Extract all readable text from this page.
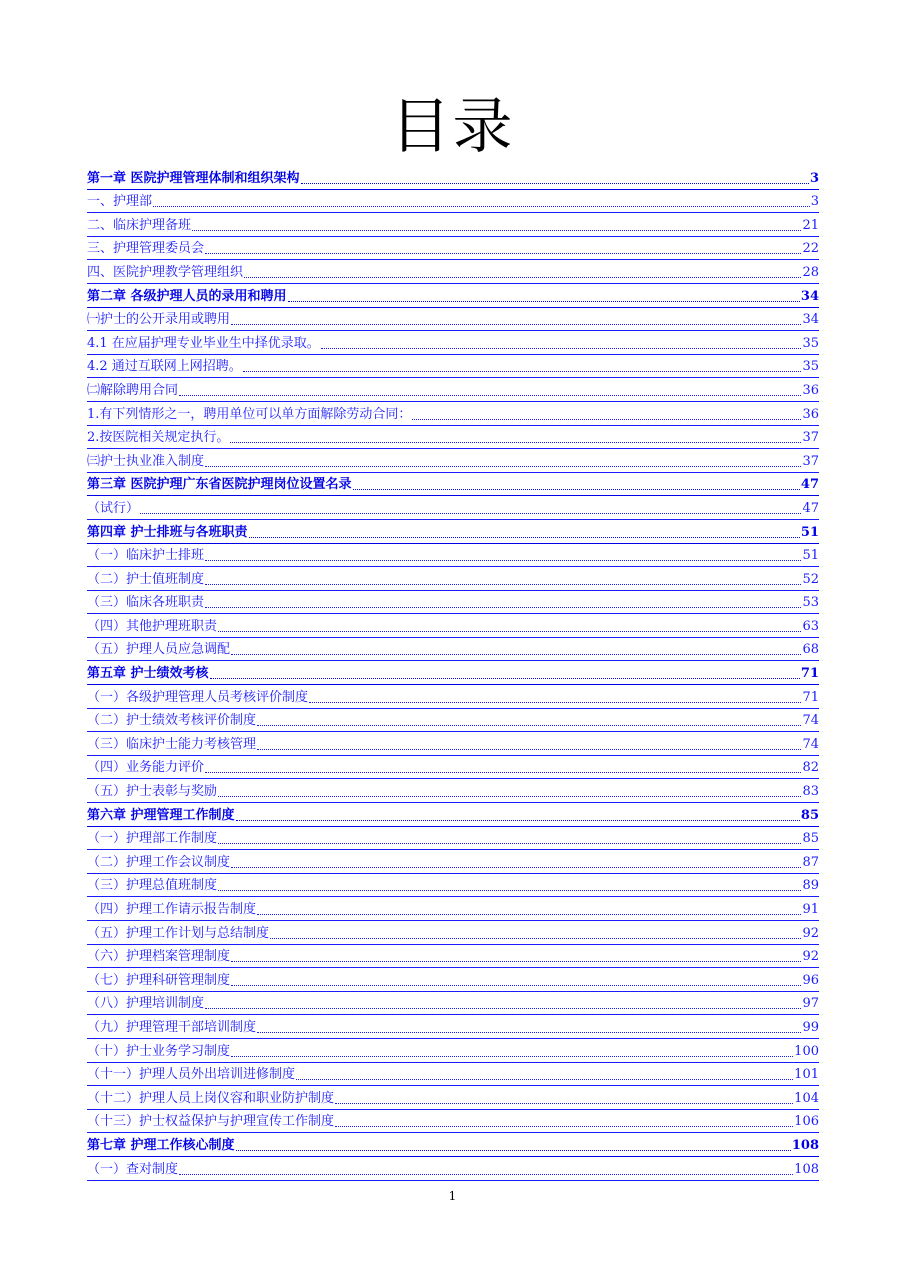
目录
第一章 医院护理管理体制和组织架构	3
一、护理部	3
二、临床护理备班	21
三、护理管理委员会	22
四、医院护理教学管理组织	28
第二章 各级护理人员的录用和聘用	34
㈠护士的公开录用或聘用	34
4.1 在应届护理专业毕业生中择优录取。	35
4.2 通过互联网上网招聘。	35
㈡解除聘用合同	36
1.有下列情形之一，聘用单位可以单方面解除劳动合同：	36
2.按医院相关规定执行。	37
㈢护士执业准入制度	37
第三章 医院护理广东省医院护理岗位设置名录	47
（试行）	47
第四章 护士排班与各班职责	51
（一）临床护士排班	51
（二）护士值班制度	52
（三）临床各班职责	53
（四）其他护理班职责	63
（五）护理人员应急调配	68
第五章 护士绩效考核	71
（一）各级护理管理人员考核评价制度	71
（二）护士绩效考核评价制度	74
（三）临床护士能力考核管理	74
（四）业务能力评价	82
（五）护士表彰与奖励	83
第六章 护理管理工作制度	85
（一）护理部工作制度	85
（二）护理工作会议制度	87
（三）护理总值班制度	89
（四）护理工作请示报告制度	91
（五）护理工作计划与总结制度	92
（六）护理档案管理制度	92
（七）护理科研管理制度	96
（八）护理培训制度	97
（九）护理管理干部培训制度	99
（十）护士业务学习制度	100
（十一）护理人员外出培训进修制度	101
（十二）护理人员上岗仪容和职业防护制度	104
（十三）护士权益保护与护理宣传工作制度	106
第七章 护理工作核心制度	108
（一）查对制度	108
1
